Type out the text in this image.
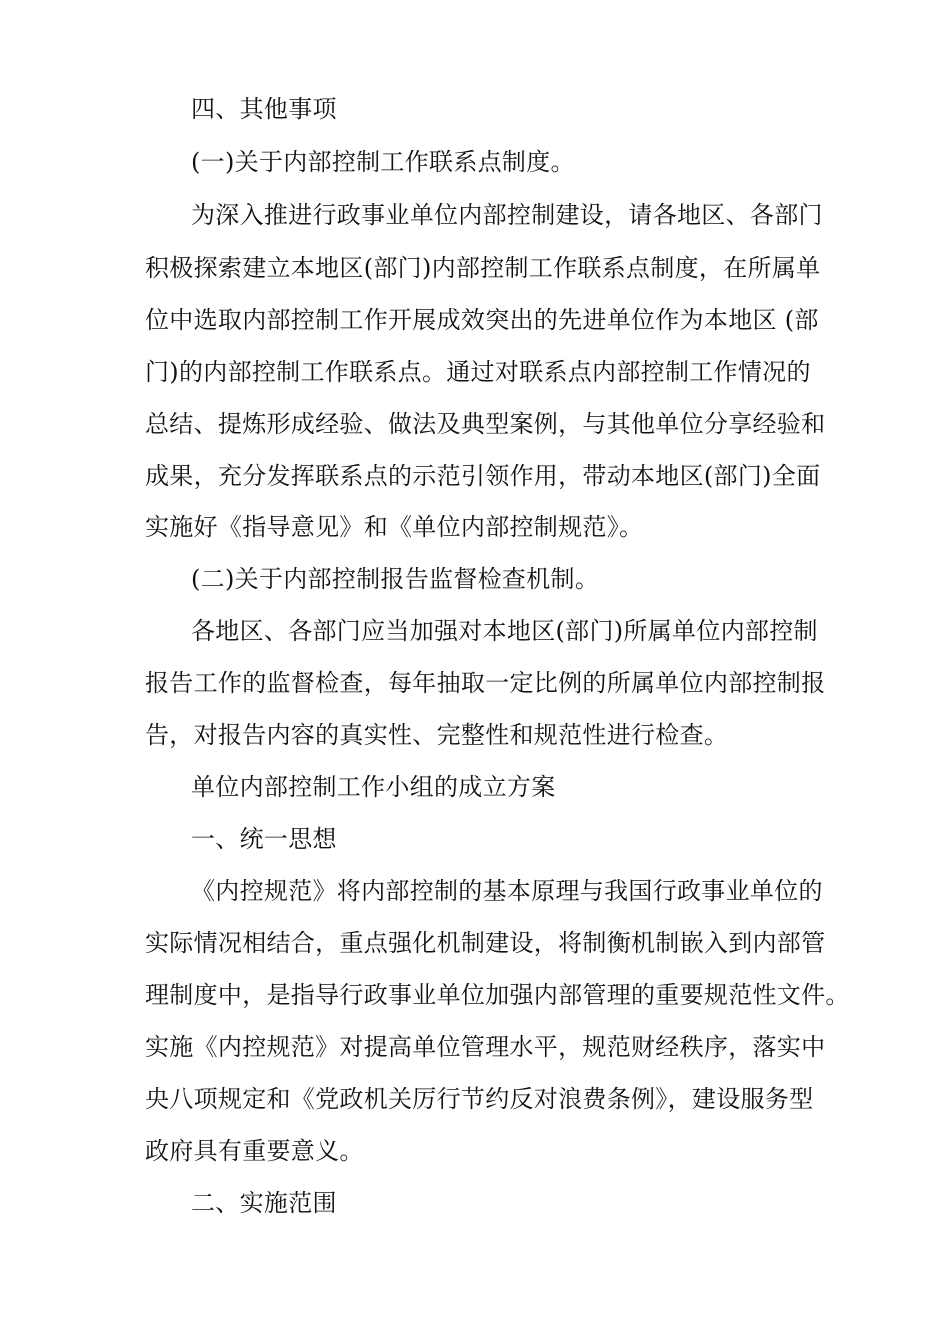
四、其他事项
(一)关于内部控制工作联系点制度。
为深入推进行政事业单位内部控制建设，请各地区、各部门
积极探索建立本地区(部门)内部控制工作联系点制度，在所属单
位中选取内部控制工作开展成效突出的先进单位作为本地区 (部
门)的内部控制工作联系点。通过对联系点内部控制工作情况的
总结、提炼形成经验、做法及典型案例，与其他单位分享经验和
成果，充分发挥联系点的示范引领作用，带动本地区(部门)全面
实施好《指导意见》和《单位内部控制规范》。
(二)关于内部控制报告监督检查机制。
各地区、各部门应当加强对本地区(部门)所属单位内部控制
报告工作的监督检查，每年抽取一定比例的所属单位内部控制报
告，对报告内容的真实性、完整性和规范性进行检查。
单位内部控制工作小组的成立方案
一、统一思想
《内控规范》将内部控制的基本原理与我国行政事业单位的
实际情况相结合，重点强化机制建设，将制衡机制嵌入到内部管
理制度中，是指导行政事业单位加强内部管理的重要规范性文件。
实施《内控规范》对提高单位管理水平，规范财经秩序，落实中
央八项规定和《党政机关厉行节约反对浪费条例》，建设服务型
政府具有重要意义。
二、实施范围
